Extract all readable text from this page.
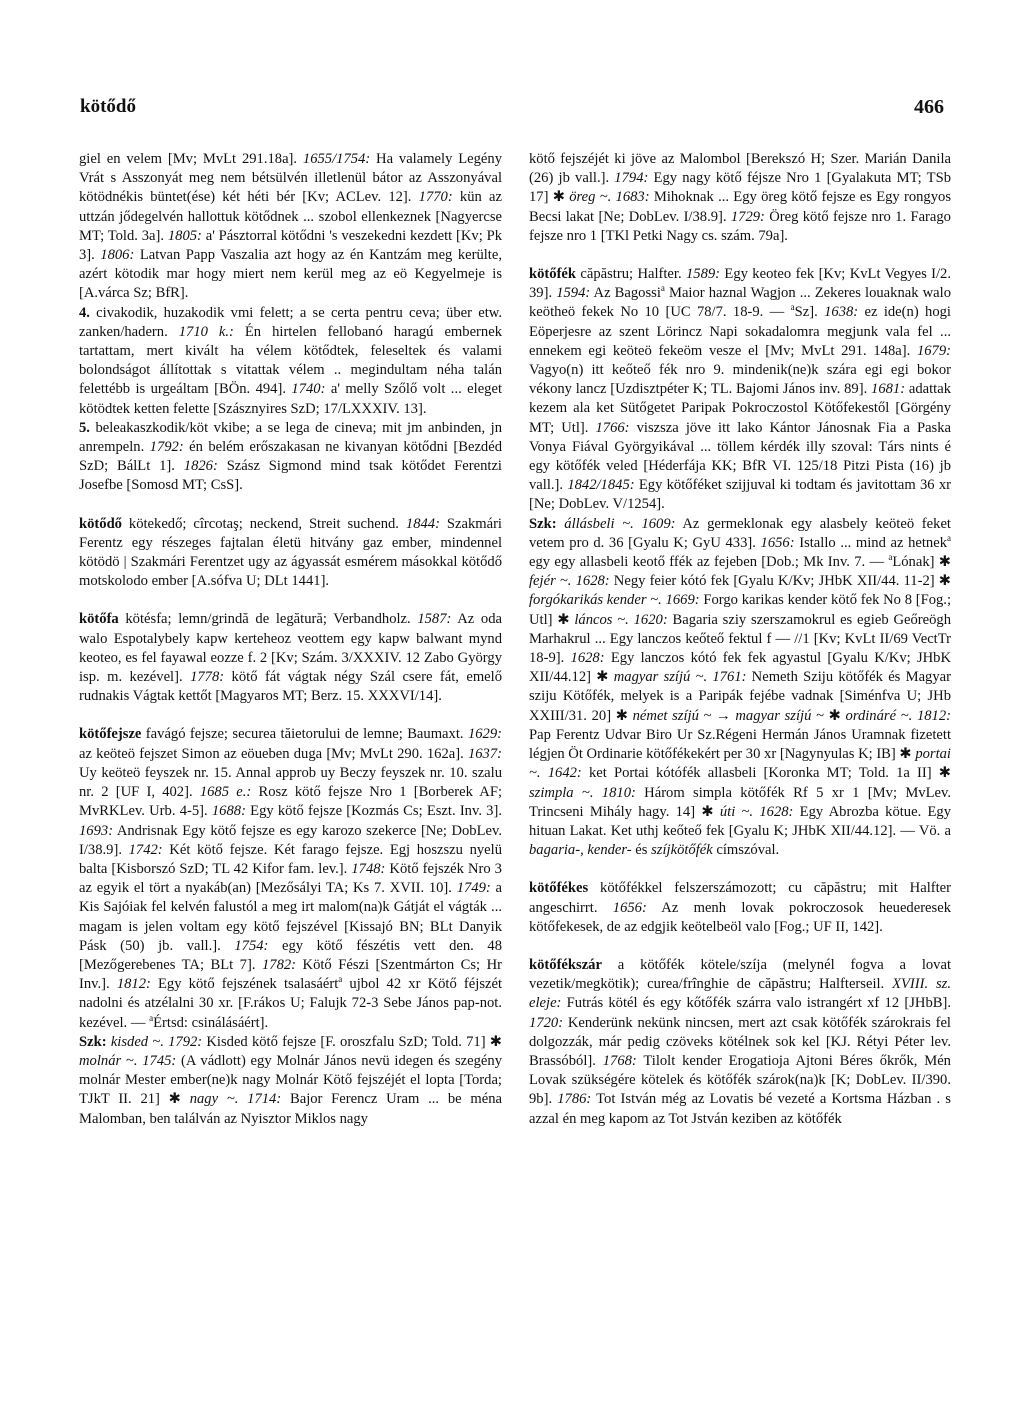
kötődő	466

giel en velem [Mv; MvLt 291.18a]. 1655/1754: Ha valamely Legény Vrát s Asszonyát meg nem bétsülvén illetlenül bátor az Asszonyával kötödnékis büntet(ése) két héti bér [Kv; ACLev. 12]. 1770: kün az uttzán jődegelvén hallottuk kötődnek ... szobol ellenkeznek [Nagyercse MT; Told. 3a]. 1805: a' Pásztorral kötődni 's veszekedni kezdett [Kv; Pk 3]. 1806: Latvan Papp Vaszalia azt hogy az én Kantzám meg kerülte, azért kötodik mar hogy miert nem kerül meg az eö Kegyelmeje is [A.várca Sz; BfR].

4. civakodik, huzakodik vmi felett; a se certa pentru ceva; über etw. zanken/hadern. 1710 k.: Én hirtelen fellobanó haragú embernek tartattam, mert kivált ha vélem kötődtek, feleseltek és valami bolondságot állítottak s vitattak vélem .. megindultam néha talán felettébb is urgeáltam [BÖn. 494]. 1740: a' melly Szőlő volt ... eleget kötödtek ketten felette [Szásznyires SzD; 17/LXXXIV. 13].

5. beleakaszkodik/köt vkibe; a se lega de cineva; mit jm anbinden, jn anrempeln. 1792: én belém erőszakasan ne kivanyan kötődni [Bezdéd SzD; BálLt 1]. 1826: Szász Sigmond mind tsak kötődet Ferentzi Josefbe [Somosd MT; CsS].

kötődő kötekedő; cîrcotaş; neckend, Streit suchend. 1844: Szakmári Ferentz egy részeges fajtalan életü hitvány gaz ember, mindennel kötödö | Szakmári Ferentzet ugy az ágyassát esmérem másokkal kötődő motskolodo ember [A.sófva U; DLt 1441].

kötőfa kötésfa; lemn/grindă de legătură; Verbandholz. 1587: Az oda walo Espotalybely kapw kerteheoz veottem egy kapw balwant mynd keoteo, es fel fayawal eozze f. 2 [Kv; Szám. 3/XXXIV. 12 Zabo György isp. m. kezével]. 1778: kötő fát vágtak négy Szál csere fát, emelő rudnakis Vágtak kettőt [Magyaros MT; Berz. 15. XXXVI/14].

kötőfejsze favágó fejsze; securea tăietorului de lemne; Baumaxt. 1629: az keöteö fejszet Simon az eöueben duga [Mv; MvLt 290. 162a]. 1637: Uy keöteö feyszek nr. 15. Annal approb uy Beczy feyszek nr. 10. szalu nr. 2 [UF I, 402]. 1685 e.: Rosz kötő fejsze Nro 1 [Borberek AF; MvRKLev. Urb. 4-5]. 1688: Egy kötő fejsze [Kozmás Cs; Eszt. Inv. 3]. 1693: Andrisnak Egy kötő fejsze es egy karozo szekerce [Ne; DobLev. I/38.9]. 1742: Két kötő fejsze. Két farago fejsze. Egj hoszszu nyelü balta [Kisborszó SzD; TL 42 Kifor fam. lev.]. 1748: Kötő fejszék Nro 3 az egyik el tört a nyakáb(an) [Mezősályi TA; Ks 7. XVII. 10]. 1749: a Kis Sajóiak fel kelvén falustól a meg irt malom(na)k Gátját el vágták ... magam is jelen voltam egy kötő fejszével [Kissajó BN; BLt Danyik Pásk (50) jb. vall.]. 1754: egy kötő fészétis vett den. 48 [Mezőgerebenes TA; BLt 7]. 1782: Kötő Fészi [Szentmárton Cs; Hr Inv.]. 1812: Egy kötő fejszének tsalasáért$^a$ ujbol 42 xr Kötő féjszét nadolni és atzélalni 30 xr. [F.rákos U; Falujk 72-3 Sebe János pap-not. kezével. — $^a$Értsd: csinálásáért].

Szk: kisded ~. 1792: Kisded kötő fejsze [F. oroszfalu SzD; Told. 71] ✱ molnár ~. 1745: (A vádlott) egy Molnár János nevü idegen és szegény molnár Mester ember(ne)k nagy Molnár Kötő fejszéjét el lopta [Torda; TJkT II. 21] ✱ nagy ~. 1714: Bajor Ferencz Uram ... be ména Malomban, ben találván az Nyisztor Miklos nagy

kötő fejszéjét ki jöve az Malombol [Berekszó H; Szer. Marián Danila (26) jb vall.]. 1794: Egy nagy kötő féjsze Nro 1 [Gyalakuta MT; TSb 17] ✱ öreg ~. 1683: Mihoknak ... Egy öreg kötő fejsze es Egy rongyos Becsi lakat [Ne; DobLev. I/38.9]. 1729: Öreg kötő fejsze nro 1. Farago fejsze nro 1 [TKl Petki Nagy cs. szám. 79a].

kötőfék căpăstru; Halfter. 1589: Egy keoteo fek [Kv; KvLt Vegyes I/2. 39]. 1594: Az Bagossi$^a$ Maior haznal Wagjon ... Zekeres louaknak walo keötheö fekek No 10 [UC 78/7. 18-9. — $^a$Sz]. 1638: ez ide(n) hogi Eöperjesre az szent Lörincz Napi sokadalomra megjunk vala fel ... ennekem egi keöteö fekeöm vesze el [Mv; MvLt 291. 148a]. 1679: Vagyo(n) itt keőteő fék nro 9. mindenik(ne)k szára egi egi bokor vékony lancz [Uzdisztpéter K; TL. Bajomi János inv. 89]. 1681: adattak kezem ala ket Sütőgetet Paripak Pokroczostol Kötőfekestől [Görgény MT; Utl]. 1766: viszsza jöve itt lako Kántor Jánosnak Fia a Paska Vonya Fiával Györgyikával ... töllem kérdék illy szoval: Társ nints é egy kötőfék veled [Héderfája KK; BfR VI. 125/18 Pitzi Pista (16) jb vall.]. 1842/1845: Egy kötőféket szijjuval ki todtam és javitottam 36 xr [Ne; DobLev. V/1254].

Szk: állásbeli ~. 1609: Az germeklonak egy alasbely keöteö feket vetem pro d. 36 [Gyalu K; GyU 433]. 1656: Istallo ... mind az hetnek$^a$ egy egy allasbeli keotő ffék az fejeben [Dob.; Mk Inv. 7. — $^a$Lónak] ✱ fejér ~. 1628: Negy feier kótó fek [Gyalu K/Kv; JHbK XII/44. 11-2] ✱ forgókarikás kender ~. 1669: Forgo karikas kender kötő fek No 8 [Fog.; Utl] ✱ láncos ~. 1620: Bagaria sziy szerszamokrul es egieb Geőreögh Marhakrul ... Egy lanczos keőteő fektul f — //1 [Kv; KvLt II/69 VectTr 18-9]. 1628: Egy lanczos kótó fek fek agyastul [Gyalu K/Kv; JHbK XII/44.12] ✱ magyar szíjú ~. 1761: Nemeth Sziju kötőfék és Magyar sziju Kötőfék, melyek is a Paripák fejébe vadnak [Siménfva U; JHb XXIII/31. 20] ✱ német szíjú ~ → magyar szíjú ~ ✱ ordináré ~. 1812: Pap Ferentz Udvar Biro Ur Sz.Régeni Hermán János Uramnak fizetett légjen Öt Ordinarie kötőfékekért per 30 xr [Nagynyulas K; IB] ✱ portai ~. 1642: ket Portai kótófék allasbeli [Koronka MT; Told. 1a II] ✱ szimpla ~. 1810: Három simpla kötőfék Rf 5 xr 1 [Mv; MvLev. Trincseni Mihály hagy. 14] ✱ úti ~. 1628: Egy Abrozba kötue. Egy hituan Lakat. Ket uthj keőteő fek [Gyalu K; JHbK XII/44.12]. — Vö. a bagaria-, kender- és szíjkötőfék címszóval.

kötőfékes kötőfékkel felszerszámozott; cu căpăstru; mit Halfter angeschirrt. 1656: Az menh lovak pokroczosok heuederesek kötőfekesek, de az edgjik keötelbeöl valo [Fog.; UF II, 142].

kötőfékszár a kötőfék kötele/szíja (melynél fogva a lovat vezetik/megkötik); curea/frînghie de căpăstru; Halfterseil. XVIII. sz. eleje: Futrás kötél és egy kőtőfék szárra valo istrangért xf 12 [JHbB]. 1720: Kenderünk nekünk nincsen, mert azt csak kötőfék szárokrais fel dolgozzák, már pedig czöveks kötélnek sok kel [KJ. Rétyi Péter lev. Brassóból]. 1768: Tilolt kender Erogatioja Ajtoni Béres őkrők, Mén Lovak szükségére kötelek és kötőfék szárok(na)k [K; DobLev. II/390. 9b]. 1786: Tot István még az Lovatis bé vezeté a Kortsma Házban . s azzal én meg kapom az Tot Jstván keziben az kötőfék
